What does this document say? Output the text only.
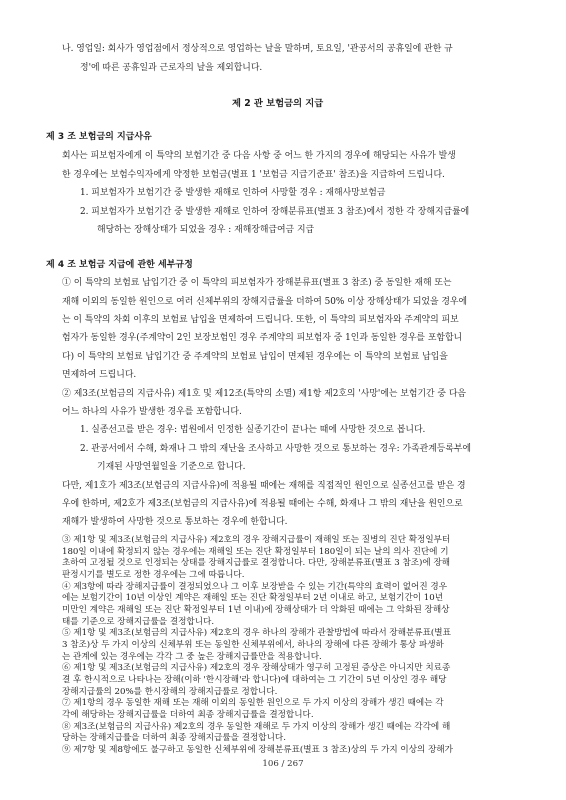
나. 영업일: 회사가 영업점에서 정상적으로 영업하는 날을 말하며, 토요일, '관공서의 공휴일에 관한 규
정'에 따른 공휴일과 근로자의 날을 제외합니다.
제 2 관 보험금의 지급
제 3 조 보험금의 지급사유
회사는 피보험자에게 이 특약의 보험기간 중 다음 사항 중 어느 한 가지의 경우에 해당되는 사유가 발생
한 경우에는 보험수익자에게 약정한 보험금(별표 1 '보험금 지급기준표' 참조)을 지급하여 드립니다.
1. 피보험자가 보험기간 중 발생한 재해로 인하여 사망할 경우 : 재해사망보험금
2. 피보험자가 보험기간 중 발생한 재해로 인하여 장해분류표(별표 3 참조)에서 정한 각 장해지급률에
해당하는 장해상태가 되었을 경우 : 재해장해급여금 지급
제 4 조 보험금 지급에 관한 세부규정
① 이 특약의 보험료 납입기간 중 이 특약의 피보험자가 장해분류표(별표 3 참조) 중 동일한 재해 또는
재해 이외의 동일한 원인으로 여러 신체부위의 장해지급률을 더하여 50% 이상 장해상태가 되었을 경우에
는 이 특약의 차회 이후의 보험료 납입을 면제하여 드립니다. 또한, 이 특약의 피보험자와 주계약의 피보
험자가 동일한 경우(주계약이 2인 보장보험인 경우 주계약의 피보험자 중 1인과 동일한 경우를 포함합니
다) 이 특약의 보험료 납입기간 중 주계약의 보험료 납입이 면제된 경우에는 이 특약의 보험료 납입을
면제하여 드립니다.
② 제3조(보험금의 지급사유) 제1호 및 제12조(특약의 소멸) 제1항 제2호의 '사망'에는 보험기간 중 다음
어느 하나의 사유가 발생한 경우를 포함합니다.
1. 실종선고를 받은 경우: 법원에서 인정한 실종기간이 끝나는 때에 사망한 것으로 봅니다.
2. 관공서에서 수해, 화재나 그 밖의 재난을 조사하고 사망한 것으로 통보하는 경우: 가족관계등록부에
기재된 사망연월일을 기준으로 합니다.
다만, 제1호가 제3조(보험금의 지급사유)에 적용될 때에는 재해를 직접적인 원인으로 실종선고를 받은 경
우에 한하며, 제2호가 제3조(보험금의 지급사유)에 적용될 때에는 수해, 화재나 그 밖의 재난을 원인으로
재해가 발생하여 사망한 것으로 통보하는 경우에 한합니다.
106 / 267
③ 제1항 및 제3조(보험금의 지급사유) 제2호의 경우 장해지급률이 재해일 또는 질병의 진단 확정일부터
180일 이내에 확정되지 않는 경우에는 재해일 또는 진단 확정일부터 180일이 되는 날의 의사 진단에 기
초하여 고정될 것으로 인정되는 상태를 장해지급률로 결정합니다. 다만, 장해분류표(별표 3 참조)에 장해
판정시기를 별도로 정한 경우에는 그에 따릅니다.
④ 제3항에 따라 장해지급률이 결정되었으나 그 이후 보장받을 수 있는 기간(특약의 효력이 없어진 경우
에는 보험기간이 10년 이상인 계약은 재해일 또는 진단 확정일부터 2년 이내로 하고, 보험기간이 10년
미만인 계약은 재해일 또는 진단 확정일부터 1년 이내)에 장해상태가 더 악화된 때에는 그 악화된 장해상
태를 기준으로 장해지급률을 결정합니다.
⑤ 제1항 및 제3조(보험금의 지급사유) 제2호의 경우 하나의 장해가 관찰방법에 따라서 장해분류표(별표
3 참조)상 두 가지 이상의 신체부위 또는 동일한 신체부위에서, 하나의 장해에 다른 장해가 통상 파생하
는 관계에 있는 경우에는 각각 그 중 높은 장해지급률만을 적용합니다.
⑥ 제1항 및 제3조(보험금의 지급사유) 제2호의 경우 장해상태가 영구히 고정된 증상은 아니지만 치료종
결 후 한시적으로 나타나는 장해(이하 '한시장해'라 합니다)에 대하여는 그 기간이 5년 이상인 경우 해당
장해지급률의 20%를 한시장해의 장해지급률로 정합니다.
⑦ 제1항의 경우 동일한 재해 또는 재해 이외의 동일한 원인으로 두 가지 이상의 장해가 생긴 때에는 각
각에 해당하는 장해지급률을 더하여 최종 장해지급률을 결정합니다.
⑧ 제3조(보험금의 지급사유) 제2호의 경우 동일한 재해로 두 가지 이상의 장해가 생긴 때에는 각각에 해
당하는 장해지급률을 더하여 최종 장해지급률을 결정합니다.
⑨ 제7항 및 제8항에도 불구하고 동일한 신체부위에 장해분류표(별표 3 참조)상의 두 가지 이상의 장해가
